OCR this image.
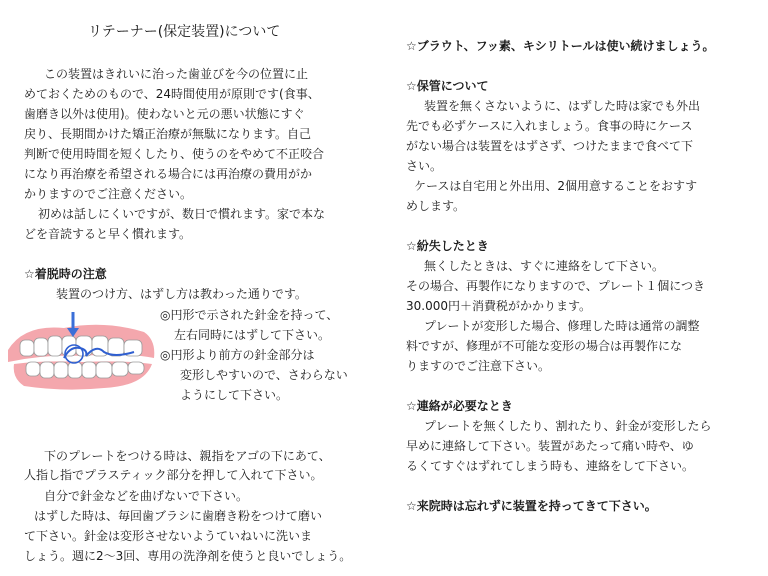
リテーナー(保定装置)について
この装置はきれいに治った歯並びを今の位置に止
めておくためのもので、24時間使用が原則です(食事、
歯磨き以外は使用)。使わないと元の悪い状態にすぐ
戻り、長期間かけた矯正治療が無駄になります。自己
判断で使用時間を短くしたり、使うのをやめて不正咬合
になり再治療を希望される場合には再治療の費用がか
かりますのでご注意ください。
初めは話しにくいですが、数日で慣れます。家で本な
どを音読すると早く慣れます。
☆着脱時の注意
装置のつけ方、はずし方は教わった通りです。
◎円形で示された針金を持って、
左右同時にはずして下さい。
◎円形より前方の針金部分は
変形しやすいので、さわらない
ようにして下さい。
下のプレートをつける時は、親指をアゴの下にあて、
人指し指でプラスティック部分を押して入れて下さい。
自分で針金などを曲げないで下さい。
はずした時は、毎回歯ブラシに歯磨き粉をつけて磨い
て下さい。針金は変形させないようていねいに洗いま
しょう。週に2〜3回、専用の洗浄剤を使うと良いでしょう。
☆ブラウト、フッ素、キシリトールは使い続けましょう。
☆保管について
装置を無くさないように、はずした時は家でも外出
先でも必ずケースに入れましょう。食事の時にケース
がない場合は装置をはずさず、つけたままで食べて下
さい。
ケースは自宅用と外出用、2個用意することをおすす
めします。
☆紛失したとき
無くしたときは、すぐに連絡をして下さい。
その場合、再製作になりますので、プレート１個につき
30.000円＋消費税がかかります。
プレートが変形した場合、修理した時は通常の調整
料ですが、修理が不可能な変形の場合は再製作にな
りますのでご注意下さい。
☆連絡が必要なとき
プレートを無くしたり、割れたり、針金が変形したら
早めに連絡して下さい。装置があたって痛い時や、ゆ
るくてすぐはずれてしまう時も、連絡をして下さい。
☆来院時は忘れずに装置を持ってきて下さい。
